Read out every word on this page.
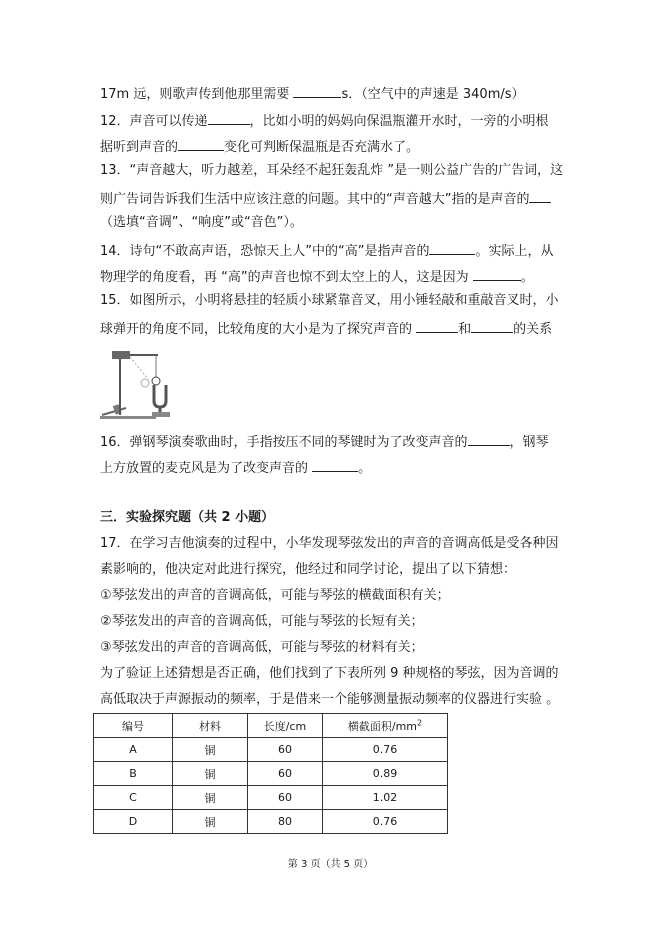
17m 远，则歌声传到他那里需要	s．（空气中的声速是 340m/s）
12．声音可以传递	，比如小明的妈妈向保温瓶灌开水时，一旁的小明根
据听到声音的	变化可判断保温瓶是否充满水了。
13．“声音越大，听力越差，耳朵经不起狂轰乱炸 ”是一则公益广告的广告词，这
则广告词告诉我们生活中应该注意的问题。其中的“声音越大”指的是声音的
（选填“音调”、“响度”或“音色”）。
14．诗句“不敢高声语，恐惊天上人”中的“高”是指声音的	。实际上，从
物理学的角度看，再 “高”的声音也惊不到太空上的人，这是因为	。
15．如图所示，小明将悬挂的轻质小球紧靠音叉，用小锤轻敲和重敲音叉时，小
球弹开的角度不同，比较角度的大小是为了探究声音的	和	的关系
16．弹钢琴演奏歌曲时，手指按压不同的琴键时为了改变声音的	，钢琴
上方放置的麦克风是为了改变声音的	。
三．实验探究题（共 2 小题）
17．在学习吉他演奏的过程中，小华发现琴弦发出的声音的音调高低是受各种因
素影响的，他决定对此进行探究，他经过和同学讨论，提出了以下猜想：
①琴弦发出的声音的音调高低，可能与琴弦的横截面积有关；
②琴弦发出的声音的音调高低，可能与琴弦的长短有关；
③琴弦发出的声音的音调高低，可能与琴弦的材料有关；
为了验证上述猜想是否正确，他们找到了下表所列 9 种规格的琴弦，因为音调的
高低取决于声源振动的频率，于是借来一个能够测量振动频率的仪器进行实验 。
编号	材料	长度/cm	横截面积$/mm^2$
A	铜	60	0.76
B	铜	60	0.89
C	铜	60	1.02
D	铜	80	0.76
第 3 页（共 5 页）
